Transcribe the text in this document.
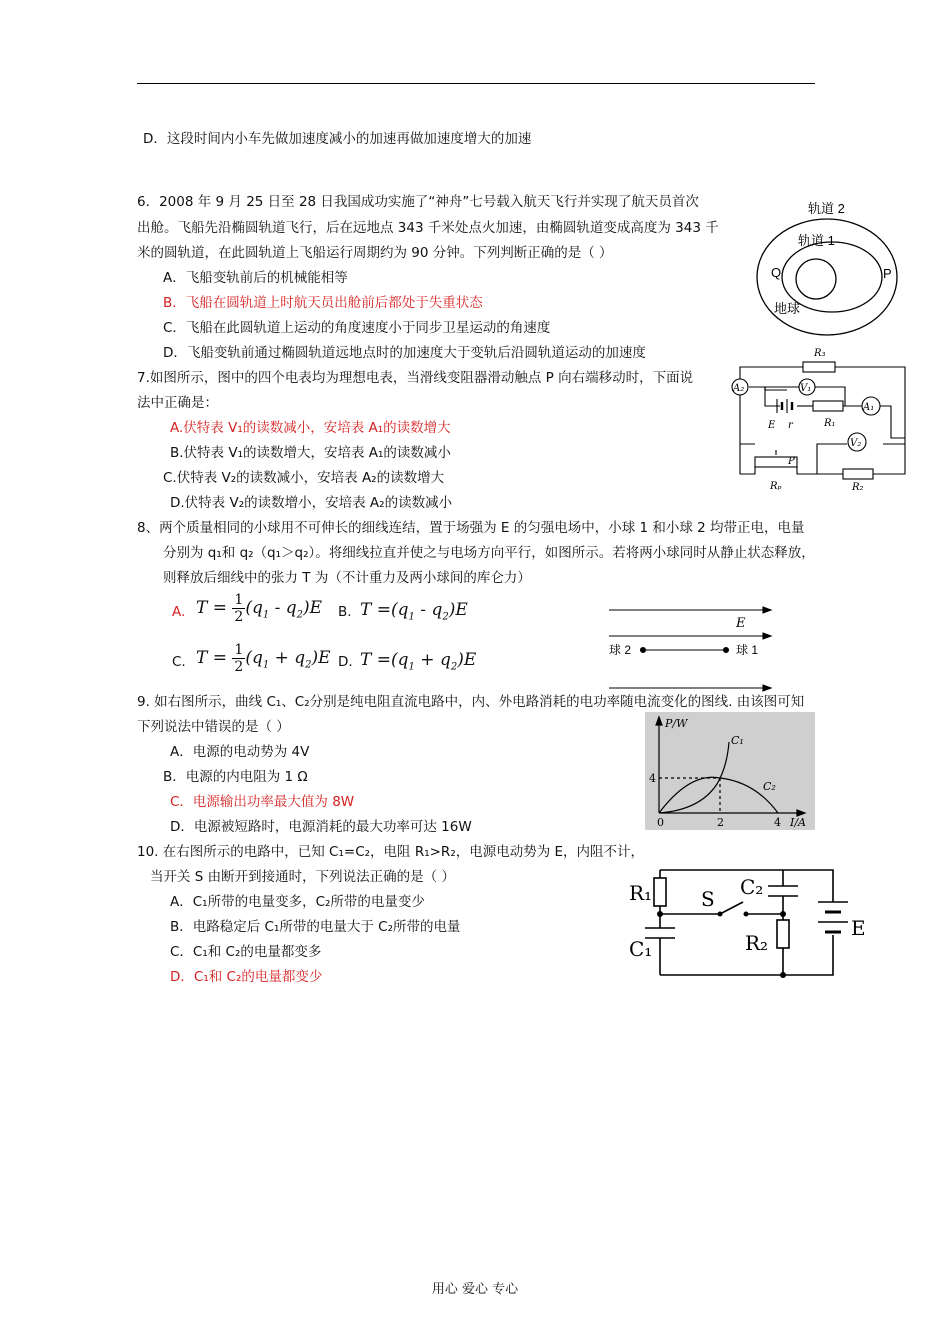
D．这段时间内小车先做加速度减小的加速再做加速度增大的加速
6．2008 年 9 月 25 日至 28 日我国成功实施了“神舟”七号载入航天飞行并实现了航天员首次
出舱。飞船先沿椭圆轨道飞行，后在远地点 343 千米处点火加速，由椭圆轨道变成高度为 343 千
米的圆轨道，在此圆轨道上飞船运行周期约为 90 分钟。下列判断正确的是（ ）
A．飞船变轨前后的机械能相等
B．飞船在圆轨道上时航天员出舱前后都处于失重状态
C．飞船在此圆轨道上运动的角度速度小于同步卫星运动的角速度
D．飞船变轨前通过椭圆轨道远地点时的加速度大于变轨后沿圆轨道运动的加速度
轨道 2
轨道 1
Q	P
地球
7.如图所示，图中的四个电表均为理想电表，当滑线变阻器滑动触点 P 向右端移动时，下面说
法中正确是：
A.伏特表 V₁的读数减小，安培表 A₁的读数增大
B.伏特表 V₁的读数增大，安培表 A₁的读数减小
C.伏特表 V₂的读数减小，安培表 A₂的读数增大
D.伏特表 V₂的读数增小，安培表 A₂的读数减小
R₃
A₂	V₁
A₁
V₂
E r	R₁
P
Rₚ	R₂
8、两个质量相同的小球用不可伸长的细线连结，置于场强为 E 的匀强电场中，小球 1 和小球 2 均带正电，电量
分别为 q₁和 q₂（q₁＞q₂）。将细线拉直并使之与电场方向平行，如图所示。若将两小球同时从静止状态释放，
则释放后细线中的张力 T 为（不计重力及两小球间的库仑力）
A. $T = \frac{1}{2} (q_1 - q_2)E$ B. $T =(q_1 - q_2)E$
C. $T = \frac{1}{2} (q_1 + q_2)E$ D. $T =(q_1 + q_2)E$
E
球 2	球 1
9. 如右图所示，曲线 C₁、C₂分别是纯电阻直流电路中，内、外电路消耗的电功率随电流变化的图线. 由该图可知
下列说法中错误的是（ ）
A．电源的电动势为 4V
B．电源的内电阻为 1 Ω
C．电源输出功率最大值为 8W
D．电源被短路时，电源消耗的最大功率可达 16W
P/W
I/A
C₁
C₂
4
0	2	4
10. 在右图所示的电路中，已知 C₁=C₂，电阻 R₁>R₂，电源电动势为 E，内阻不计，
当开关 S 由断开到接通时，下列说法正确的是（ ）
A．C₁所带的电量变多，C₂所带的电量变少
B．电路稳定后 C₁所带的电量大于 C₂所带的电量
C．C₁和 C₂的电量都变多
D．C₁和 C₂的电量都变少
R₁ S C₂
R₂
C₁
E
用心 爱心 专心
